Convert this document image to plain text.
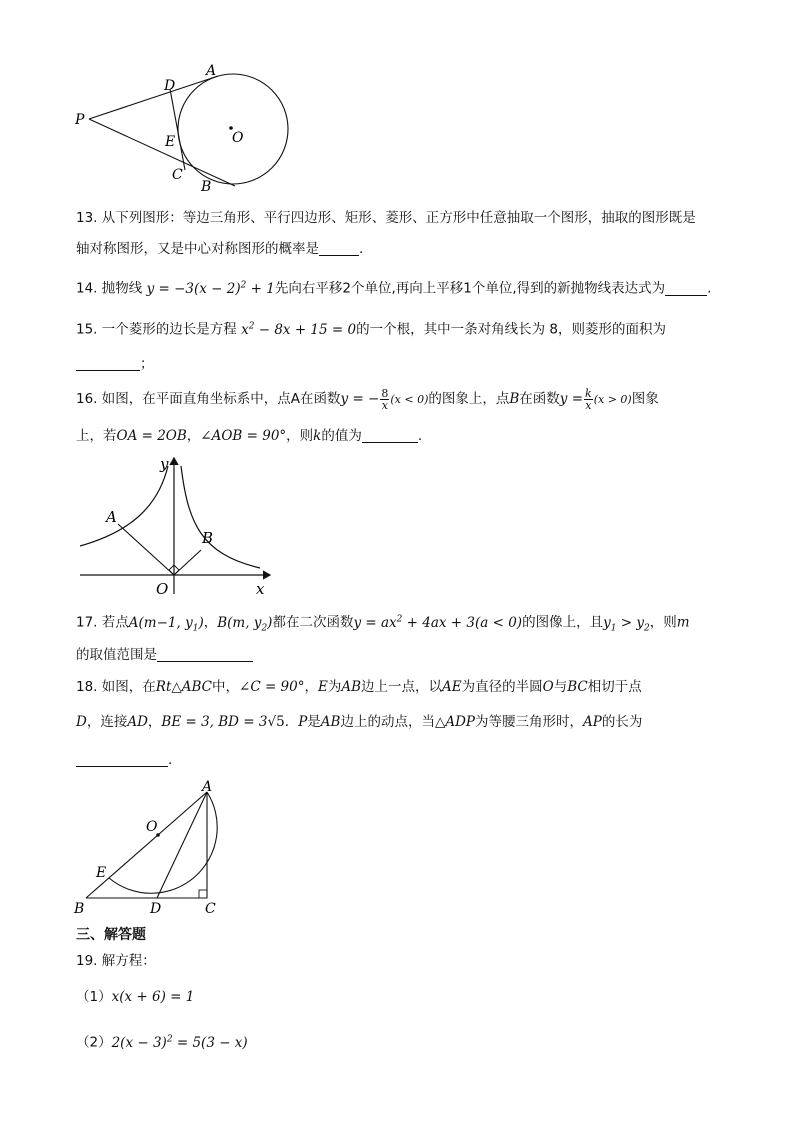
P
D
A
E	O
C
B
13. 从下列图形：等边三角形、平行四边形、矩形、菱形、正方形中任意抽取一个图形，抽取的图形既是
轴对称图形，又是中心对称图形的概率是	.
14. 抛物线 $y = -3(x - 2)^2 + 1$先向右平移2个单位,再向上平移1个单位,得到的新抛物线表达式为	.
15. 一个菱形的边长是方程 $x^2 - 8x + 15 = 0$的一个根，其中一条对角线长为 8，则菱形的面积为
；
16. 如图，在平面直角坐标系中，点A在函数y = − $\frac{8}{x} (x < 0)$的图象上，点B在函数$y = \frac{k}{x} (x > 0)$图象
上，若OA = 2OB，∠AOB = 90°，则k的值为	.
y
A
B
O	x
17. 若点A(m−1, $y_1$)，B(m, $y_2$)都在二次函数$y = ax^2 + 4ax + 3(a < 0)$的图像上，且$y_1 > y_2$，则m
的取值范围是
18. 如图，在Rt△ABC中，∠C = 90°，E为AB边上一点，以AE为直径的半圆O与BC相切于点
D，连接AD，BE = 3, BD = 3√5．P是AB边上的动点，当△ADP为等腰三角形时，AP的长为
.
A
O
E
B	D	C
三、解答题
19. 解方程：
（1）x(x + 6) = 1
$(2)2(x - 3)^2 = 5(3 - x)$
